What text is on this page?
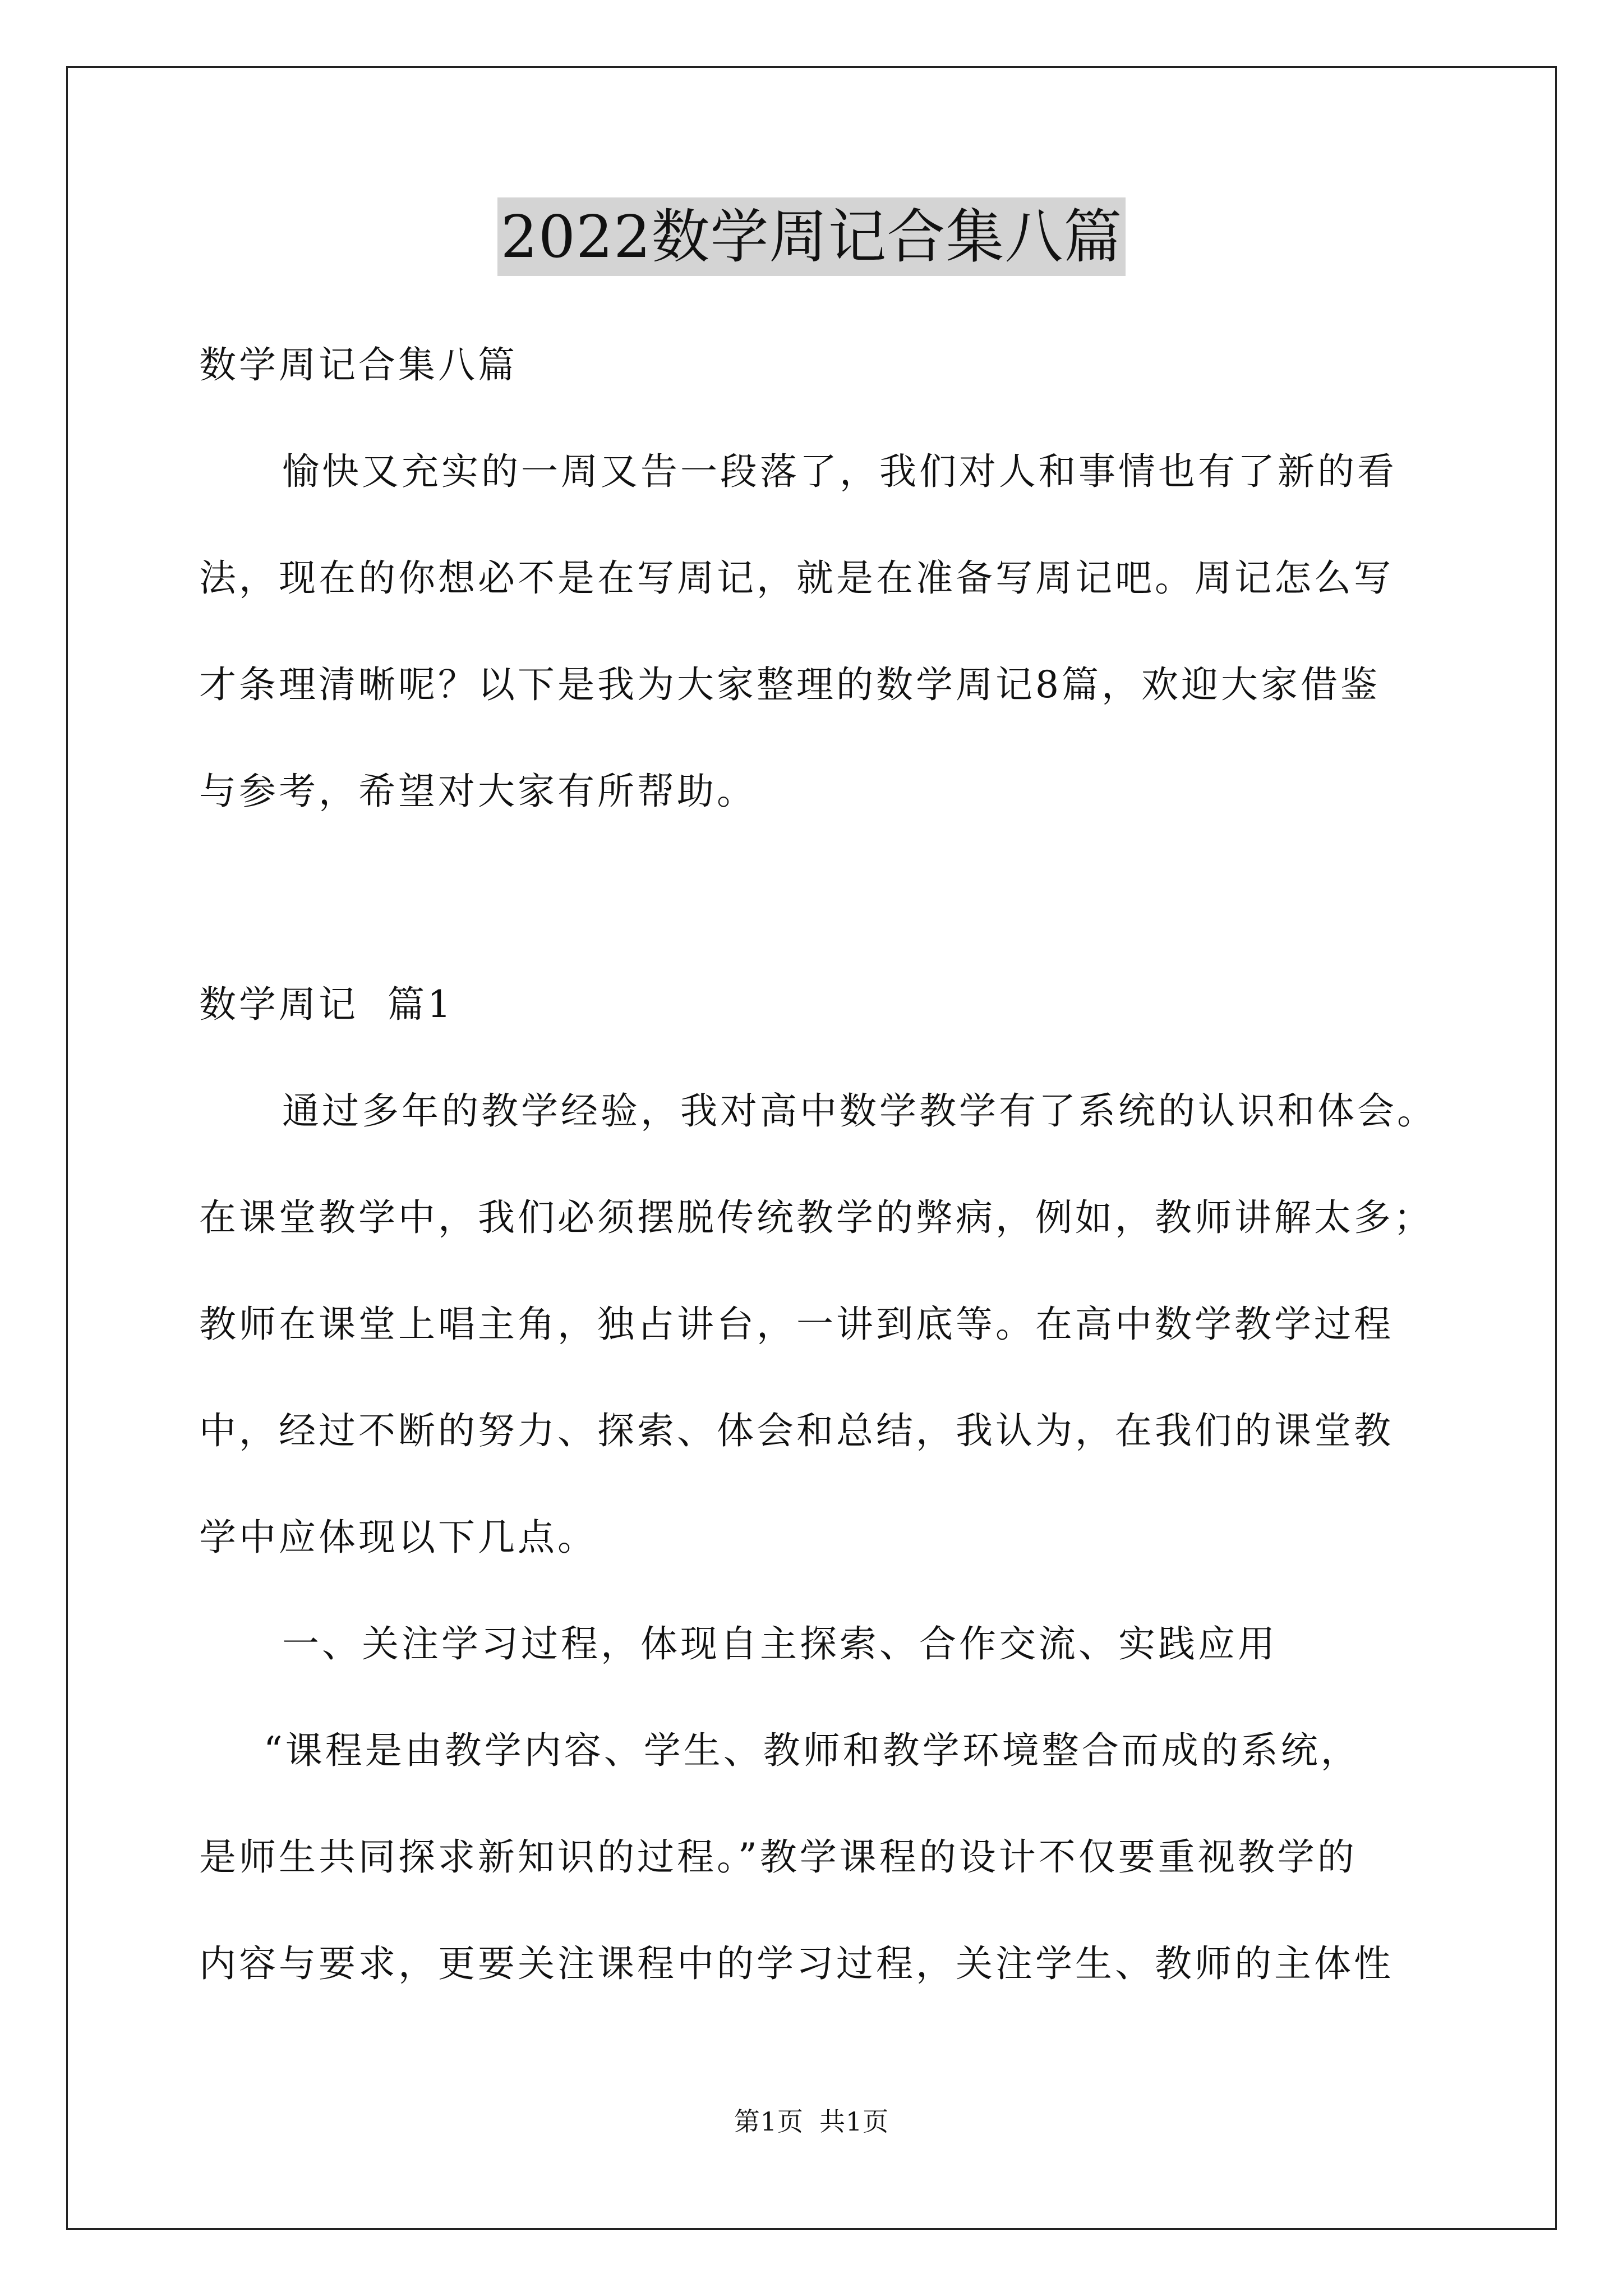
2022数学周记合集八篇
数学周记合集八篇
愉快又充实的一周又告一段落了，我们对人和事情也有了新的看
法，现在的你想必不是在写周记，就是在准备写周记吧。周记怎么写
才条理清晰呢？以下是我为大家整理的数学周记8篇，欢迎大家借鉴
与参考，希望对大家有所帮助。
数学周记  篇1
通过多年的教学经验，我对高中数学教学有了系统的认识和体会。
在课堂教学中，我们必须摆脱传统教学的弊病，例如，教师讲解太多；
教师在课堂上唱主角，独占讲台，一讲到底等。在高中数学教学过程
中，经过不断的努力、探索、体会和总结，我认为，在我们的课堂教
学中应体现以下几点。
一、关注学习过程，体现自主探索、合作交流、实践应用
“课程是由教学内容、学生、教师和教学环境整合而成的系统，
是师生共同探求新知识的过程。”教学课程的设计不仅要重视教学的
内容与要求，更要关注课程中的学习过程，关注学生、教师的主体性
第1页 共1页
